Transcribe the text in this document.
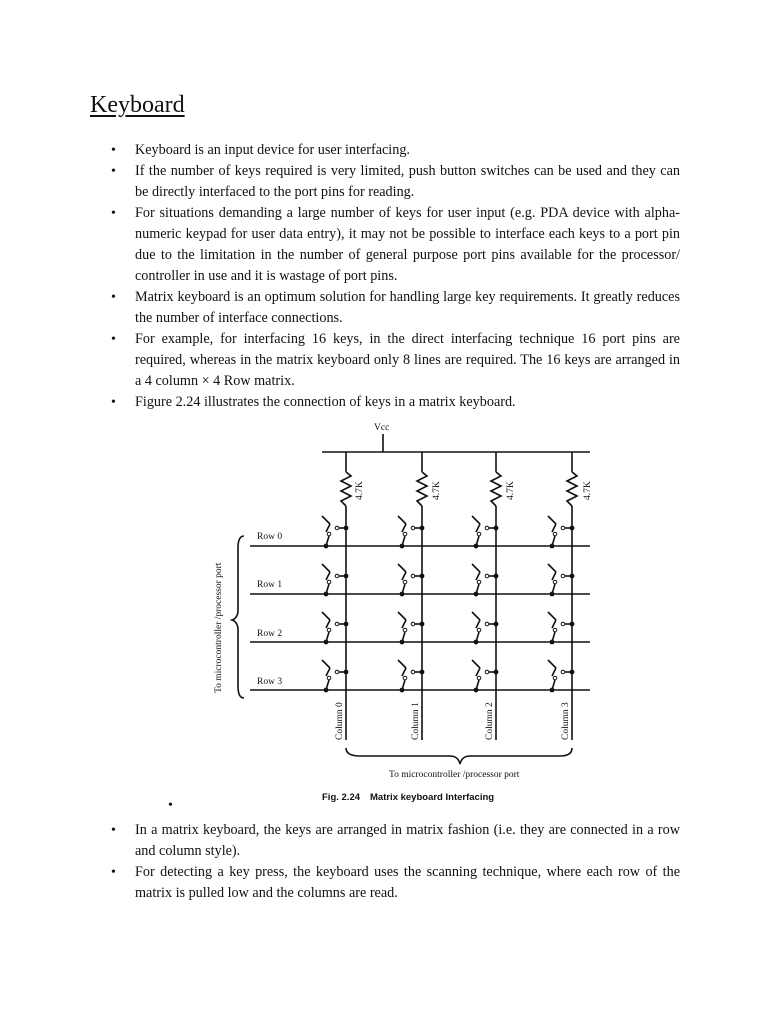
Keyboard
• Keyboard is an input device for user interfacing.
• If the number of keys required is very limited, push button switches can be used and they can be directly interfaced to the port pins for reading.
• For situations demanding a large number of keys for user input (e.g. PDA device with alpha-numeric keypad for user data entry), it may not be possible to interface each keys to a port pin due to the limitation in the number of general purpose port pins available for the processor/ controller in use and it is wastage of port pins.
• Matrix keyboard is an optimum solution for handling large key requirements. It greatly reduces the number of interface connections.
• For example, for interfacing 16 keys, in the direct interfacing technique 16 port pins are required, whereas in the matrix keyboard only 8 lines are required. The 16 keys are arranged in a 4 column × 4 Row matrix.
• Figure 2.24 illustrates the connection of keys in a matrix keyboard.
Vcc
4.7K	4.7K	4.7K	4.7K
Row 0
Row 1
Row 2
Row 3
Column 0	Column 1	Column 2	Column 3
To microcontroller /processor port
To microcontroller /processor port
Fig. 2.24 Matrix keyboard Interfacing
•
• In a matrix keyboard, the keys are arranged in matrix fashion (i.e. they are connected in a row and column style).
• For detecting a key press, the keyboard uses the scanning technique, where each row of the matrix is pulled low and the columns are read.
